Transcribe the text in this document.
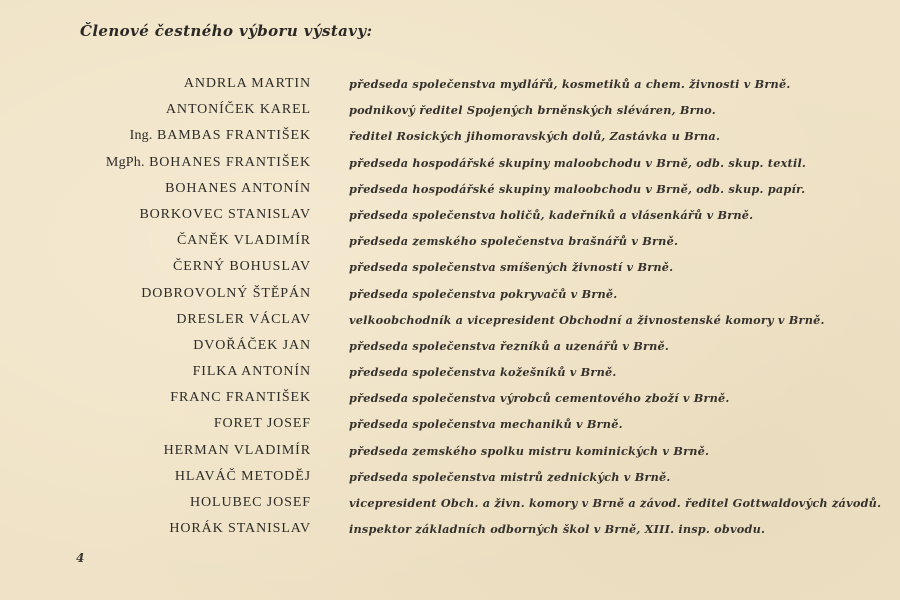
Členové čestného výboru výstavy:
ANDRLA MARTIN	předseda společenstva mydlářů, kosmetiků a chem. živnosti v Brně.
ANTONÍČEK KAREL	podnikový ředitel Spojených brněnských sléváren, Brno.
Ing. BAMBAS FRANTIŠEK	ředitel Rosických jihomoravských dolů, Zastávka u Brna.
MgPh. BOHANES FRANTIŠEK	předseda hospodářské skupiny maloobchodu v Brně, odb. skup. textil.
BOHANES ANTONÍN	předseda hospodářské skupiny maloobchodu v Brně, odb. skup. papír.
BORKOVEC STANISLAV	předseda společenstva holičů, kadeřníků a vlásenkářů v Brně.
ČANĚK VLADIMÍR	předseda zemského společenstva brašnářů v Brně.
ČERNÝ BOHUSLAV	předseda společenstva smíšených živností v Brně.
DOBROVOLNÝ ŠTĚPÁN	předseda společenstva pokryvačů v Brně.
DRESLER VÁCLAV	velkoobchodník a vicepresident Obchodní a živnostenské komory v Brně.
DVOŘÁČEK JAN	předseda společenstva řezníků a uzenářů v Brně.
FILKA ANTONÍN	předseda společenstva kožešníků v Brně.
FRANC FRANTIŠEK	předseda společenstva výrobců cementového zboží v Brně.
FORET JOSEF	předseda společenstva mechaniků v Brně.
HERMAN VLADIMÍR	předseda zemského spolku mistru kominických v Brně.
HLAVÁČ METODĚJ	předseda společenstva mistrů zednických v Brně.
HOLUBEC JOSEF	vicepresident Obch. a živn. komory v Brně a závod. ředitel Gottwaldových závodů.
HORÁK STANISLAV	inspektor základních odborných škol v Brně, XIII. insp. obvodu.
4
